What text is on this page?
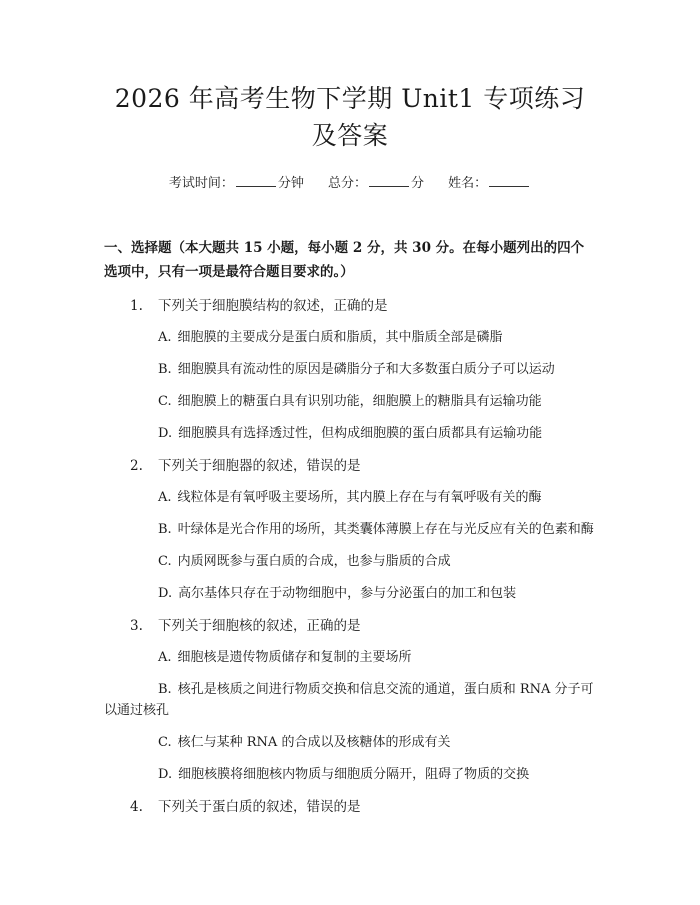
2026 年高考生物下学期 Unit1 专项练习及答案
考试时间：	分钟 总分：	分 姓名：
一、选择题（本大题共 15 小题，每小题 2 分，共 30 分。在每小题列出的四个选项中，只有一项是最符合题目要求的。）
1. 下列关于细胞膜结构的叙述，正确的是
A. 细胞膜的主要成分是蛋白质和脂质，其中脂质全部是磷脂
B. 细胞膜具有流动性的原因是磷脂分子和大多数蛋白质分子可以运动
C. 细胞膜上的糖蛋白具有识别功能，细胞膜上的糖脂具有运输功能
D. 细胞膜具有选择透过性，但构成细胞膜的蛋白质都具有运输功能
2. 下列关于细胞器的叙述，错误的是
A. 线粒体是有氧呼吸主要场所，其内膜上存在与有氧呼吸有关的酶
B. 叶绿体是光合作用的场所，其类囊体薄膜上存在与光反应有关的色素和酶
C. 内质网既参与蛋白质的合成，也参与脂质的合成
D. 高尔基体只存在于动物细胞中，参与分泌蛋白的加工和包装
3. 下列关于细胞核的叙述，正确的是
A. 细胞核是遗传物质储存和复制的主要场所
B. 核孔是核质之间进行物质交换和信息交流的通道，蛋白质和 RNA 分子可以通过核孔
C. 核仁与某种 RNA 的合成以及核糖体的形成有关
D. 细胞核膜将细胞核内物质与细胞质分隔开，阻碍了物质的交换
4. 下列关于蛋白质的叙述，错误的是
